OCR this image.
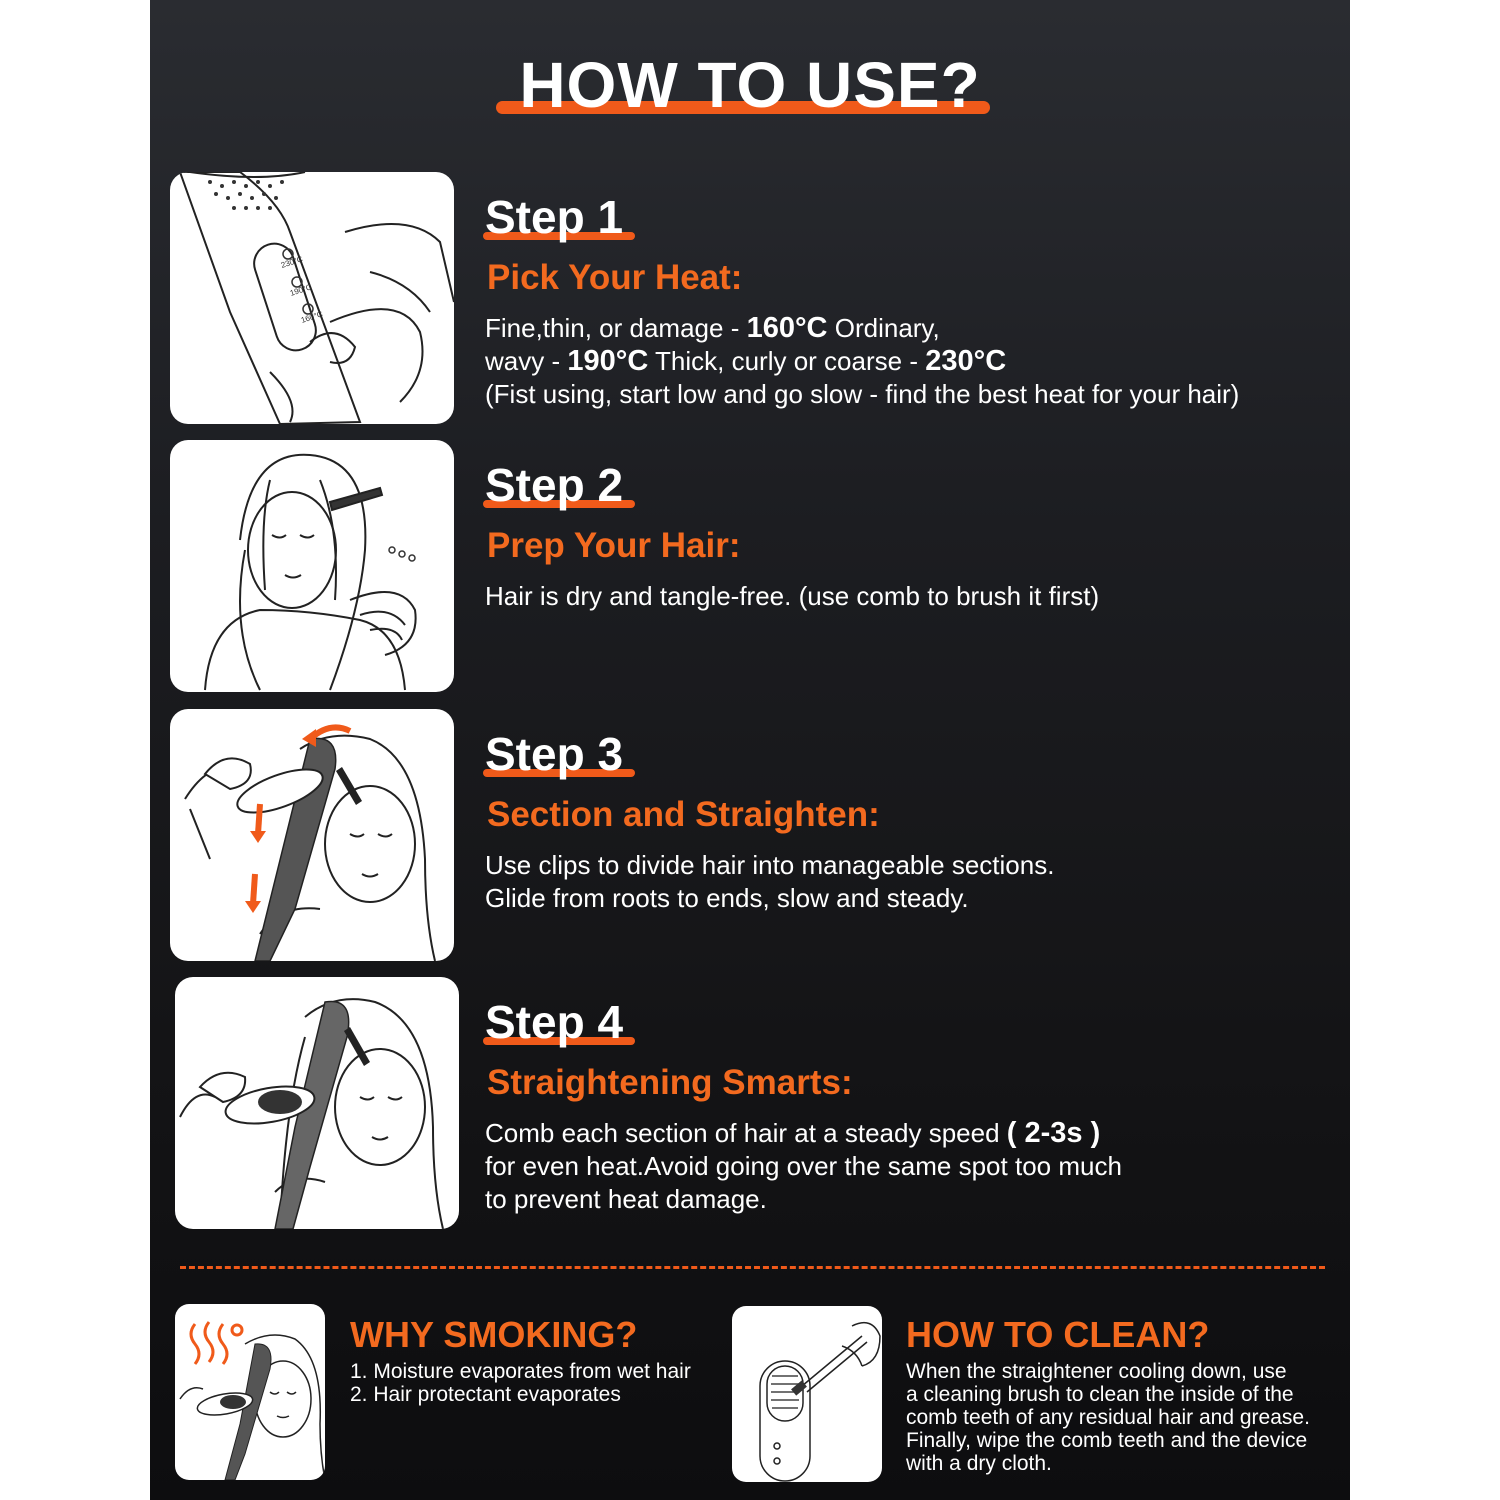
HOW TO USE?
230°C
190°C
160°C
Step 1
Pick Your Heat:
Fine,thin, or damage - 160°C Ordinary,
wavy - 190°C Thick, curly or coarse - 230°C
(Fist using, start low and go slow - find the best heat for your hair)
Step 2
Prep Your Hair:
Hair is dry and tangle-free. (use comb to brush it first)
Step 3
Section and Straighten:
Use clips to divide hair into manageable sections.
Glide from roots to ends, slow and steady.
Step 4
Straightening Smarts:
Comb each section of hair at a steady speed ( 2-3s )
for even heat.Avoid going over the same spot too much
to prevent heat damage.
WHY SMOKING?
1. Moisture evaporates from wet hair
2. Hair protectant evaporates
HOW TO CLEAN?
When the straightener cooling down, use
a cleaning brush to clean the inside of the
comb teeth of any residual hair and grease.
Finally, wipe the comb teeth and the device
with a dry cloth.
